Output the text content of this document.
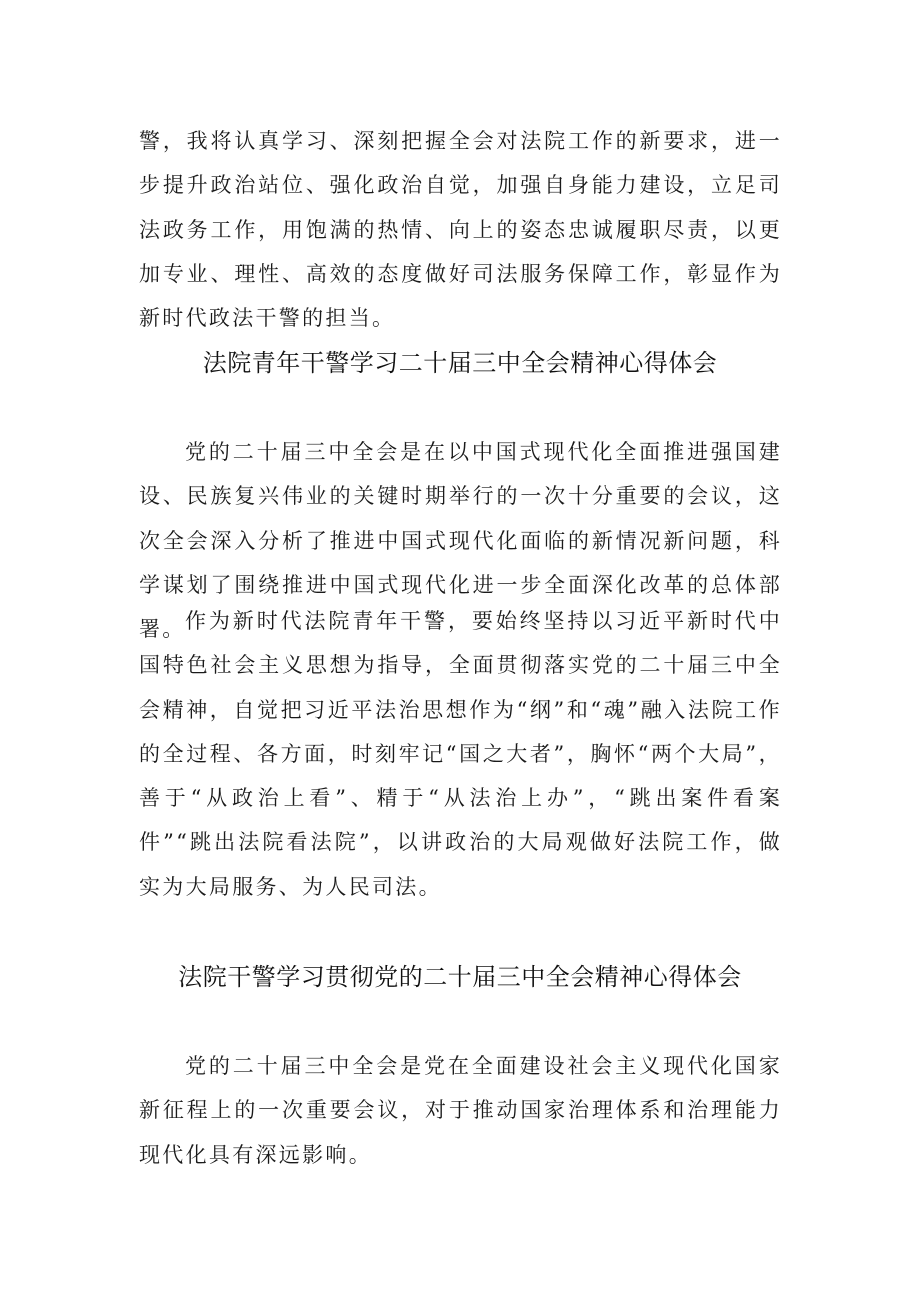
警，我将认真学习、深刻把握全会对法院工作的新要求，进一步提升政治站位、强化政治自觉，加强自身能力建设，立足司法政务工作，用饱满的热情、向上的姿态忠诚履职尽责，以更加专业、理性、高效的态度做好司法服务保障工作，彰显作为新时代政法干警的担当。

法院青年干警学习二十届三中全会精神心得体会

党的二十届三中全会是在以中国式现代化全面推进强国建设、民族复兴伟业的关键时期举行的一次十分重要的会议，这次全会深入分析了推进中国式现代化面临的新情况新问题，科学谋划了围绕推进中国式现代化进一步全面深化改革的总体部署。 作为新时代法院青年干警，要始终坚持以习近平新时代中国特色社会主义思想为指导，全面贯彻落实党的二十届三中全会精神，自觉把习近平法治思想作为“纲”和“魂”融入法院工作的全过程、各方面，时刻牢记“国之大者”，胸怀“两个大局”，善于“从政治上看”、精于“从法治上办”，“跳出案件看案件”“跳出法院看法院”，以讲政治的大局观做好法院工作，做实为大局服务、为人民司法。

法院干警学习贯彻党的二十届三中全会精神心得体会

党的二十届三中全会是党在全面建设社会主义现代化国家新征程上的一次重要会议，对于推动国家治理体系和治理能力现代化具有深远影响。
